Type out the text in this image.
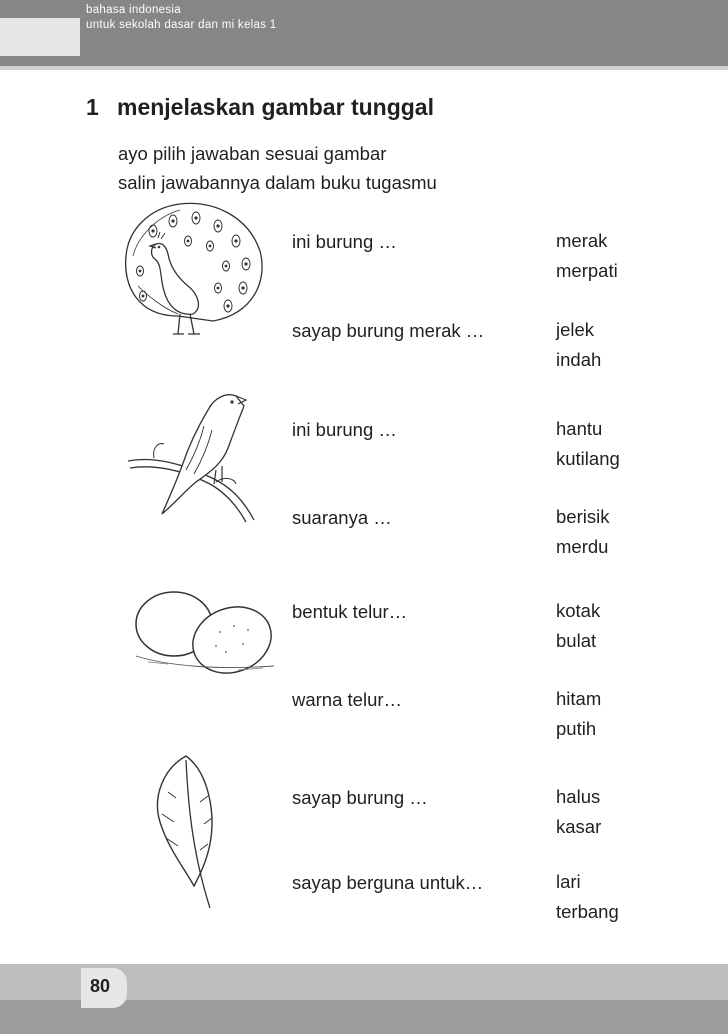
bahasa indonesia
untuk sekolah dasar dan mi kelas 1
1 menjelaskan gambar tunggal
ayo pilih jawaban sesuai gambar
salin jawabannya dalam buku tugasmu
ini burung …	merak
merpati
sayap burung merak …	jelek
indah
ini burung …	hantu
kutilang
suaranya …	berisik
merdu
bentuk telur…	kotak
bulat
warna telur…	hitam
putih
sayap burung …	halus
kasar
sayap berguna untuk…	lari
terbang
80
